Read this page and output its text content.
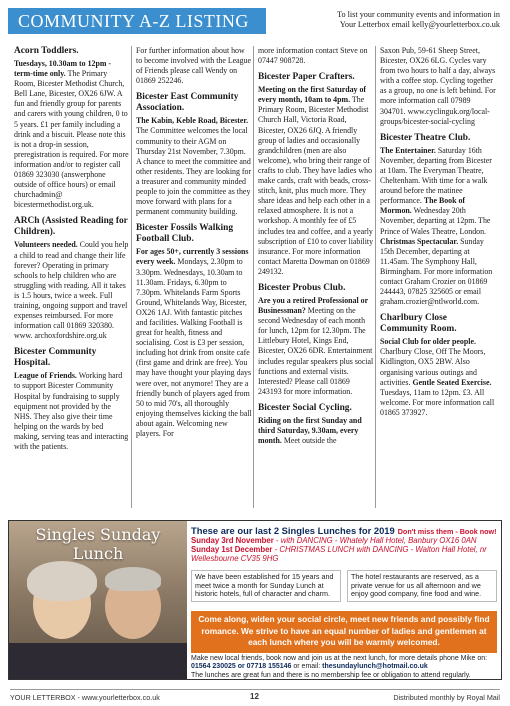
COMMUNITY A-Z LISTING	To list your community events and information in
Your Letterbox email kelly@yourletterbox.co.uk
Acorn Toddlers.

Tuesdays, 10.30am to 12pm - term-time only. The Primary Room, Bicester Methodist Church, Bell Lane, Bicester, OX26 6JW. A fun and friendly group for parents and carers with young children, 0 to 5 years. £1 per family including a drink and a biscuit. Please note this is not a drop-in session, preregistration is required. For more information and/or to register call 01869 323030 (answerphone outside of office hours) or email churchadmin@ bicestermethodist.org.uk.

ARCh (Assisted Reading for Children).

Volunteers needed. Could you help a child to read and change their life forever? Operating in primary schools to help children who are struggling with reading. All it takes is 1.5 hours, twice a week. Full training, ongoing support and travel expenses reimbursed. For more information call 01869 320380. www. archoxfordshire.org.uk

Bicester Community Hospital.

League of Friends. Working hard to support Bicester Community Hospital by fundraising to supply equipment not provided by the NHS. They also give their time helping on the wards by bed making, serving teas and interacting with the patients.

For further information about how to become involved with the League of Friends please call Wendy on 01869 252246.

Bicester East Community Association.

The Kabin, Keble Road, Bicester. The Committee welcomes the local community to their AGM on Thursday 21st November, 7.30pm. A chance to meet the committee and other residents. They are looking for a treasurer and community minded people to join the committee as they move forward with plans for a permanent community building.

Bicester Fossils Walking Football Club.

For ages 50+, currently 3 sessions every week. Mondays, 2.30pm to 3.30pm. Wednesdays, 10.30am to 11.30am. Fridays, 6.30pm to 7.30pm. Whitelands Farm Sports Ground, Whitelands Way, Bicester, OX26 1AJ. With fantastic pitches and facilities. Walking Football is great for health, fitness and socialising. Cost is £3 per session, including hot drink from onsite cafe (first game and drink are free). You may have thought your playing days were over, not anymore! They are a friendly bunch of players aged from 50 to mid 70's, all thoroughly enjoying themselves kicking the ball about again. Welcoming new players. For

more information contact Steve on 07447 908728.

Bicester Paper Crafters.

Meeting on the first Saturday of every month, 10am to 4pm. The Primary Room, Bicester Methodist Church Hall, Victoria Road, Bicester, OX26 6JQ. A friendly group of ladies and occasionally grandchildren (men are also welcome), who bring their range of crafts to club. They have ladies who make cards, craft with beads, cross-stitch, knit, plus much more. They share ideas and help each other in a relaxed atmosphere. It is not a workshop. A monthly fee of £5 includes tea and coffee, and a yearly subscription of £10 to cover liability insurance. For more information contact Maretta Dowman on 01869 249132.

Bicester Probus Club.

Are you a retired Professional or Businessman? Meeting on the second Wednesday of each month for lunch, 12pm for 12.30pm. The Littlebury Hotel, Kings End, Bicester, OX26 6DR. Entertainment includes regular speakers plus social functions and external visits. Interested? Please call 01869 243193 for more information.

Bicester Social Cycling.

Riding on the first Sunday and third Saturday, 9.30am, every month. Meet outside the

Saxon Pub, 59-61 Sheep Street, Bicester, OX26 6LG. Cycles vary from two hours to half a day, always with a coffee stop. Cycling together as a group, no one is left behind. For more information call 07989 304701. www.cyclinguk.org/local-groups/bicester-social-cycling

Bicester Theatre Club.

The Entertainer. Saturday 16th November, departing from Bicester at 10am. The Everyman Theatre, Cheltenham. With time for a walk around before the matinee performance. The Book of Mormon. Wednesday 20th November, departing at 12pm. The Prince of Wales Theatre, London. Christmas Spectacular. Sunday 15th December, departing at 11.45am. The Symphony Hall, Birmingham. For more information contact Graham Crozier on 01869 244443, 07825 325605 or email graham.crozier@ntlworld.com.

Charlbury Close Community Room.

Social Club for older people. Charlbury Close, Off The Moors, Kidlington, OX5 2BW. Also organising various outings and activities. Gentle Seated Exercise. Tuesdays, 11am to 12pm. £3. All welcome. For more information call 01865 373927.

Singles Sunday Lunch
These are our last 2 Singles Lunches for 2019 Don't miss them - Book now!
Sunday 3rd November - with DANCING - Whately Hall Hotel, Banbury OX16 0AN
Sunday 1st December - CHRISTMAS LUNCH with DANCING - Walton Hall Hotel, nr Wellesbourne CV35 9HG
We have been established for 15 years and meet twice a month for Sunday Lunch at historic hotels, full of character and charm.
The hotel restaurants are reserved, as a private venue for us all afternoon and we enjoy good company, fine food and wine.
Come along, widen your social circle, meet new friends and possibly find romance. We strive to have an equal number of ladies and gentlemen at each lunch where you will be warmly welcomed.
Make new local friends, book now and join us at the next lunch, for more details phone Mike on:
01564 230025 or 07718 155146 or email: thesundaylunch@hotmail.co.uk
The lunches are great fun and there is no membership fee or obligation to attend regularly.
YOUR LETTERBOX - www.yourletterbox.co.uk	12	Distributed monthly by Royal Mail
